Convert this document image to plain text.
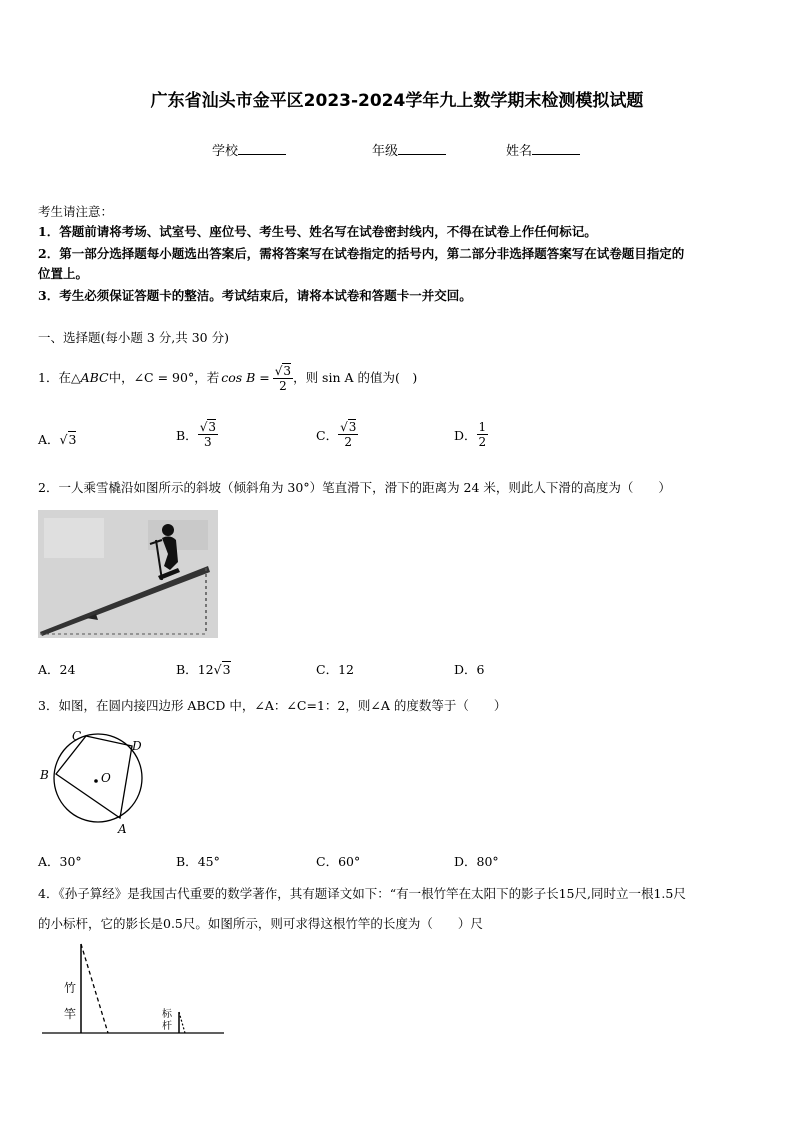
广东省汕头市金平区2023-2024学年九上数学期末检测模拟试题
学校	年级	姓名
考生请注意：
1．答题前请将考场、试室号、座位号、考生号、姓名写在试卷密封线内，不得在试卷上作任何标记。
2．第一部分选择题每小题选出答案后，需将答案写在试卷指定的括号内，第二部分非选择题答案写在试卷题目指定的
位置上。
3．考生必须保证答题卡的整洁。考试结束后，请将本试卷和答题卡一并交回。
一、选择题(每小题 3 分,共 30 分)
1．在 △ABC 中，∠C = 90°，若 $\cos B = \frac{√3}{2}$ ，则 sin A 的值为(　)
A． √3	B． $\frac{√3}{3}$	C． $\frac{√3}{2}$	D． $\frac{1}{2}$
2．一人乘雪橇沿如图所示的斜坡（倾斜角为 30°）笔直滑下，滑下的距离为 24 米，则此人下滑的高度为（　　）
A．24	B．12√3	C．12	D．6
3．如图，在圆内接四边形 ABCD 中，∠A：∠C=1：2，则∠A 的度数等于（　　）
C
D
B
A
O
A．30°	B．45°	C．60°	D．80°
4．《孙子算经》是我国古代重要的数学著作，其有题译文如下：“有一根竹竿在太阳下的影子长15尺,同时立一根1.5尺
的小标杆，它的影长是0.5尺。如图所示，则可求得这根竹竿的长度为（　　）尺
竹
竿	标
杆
